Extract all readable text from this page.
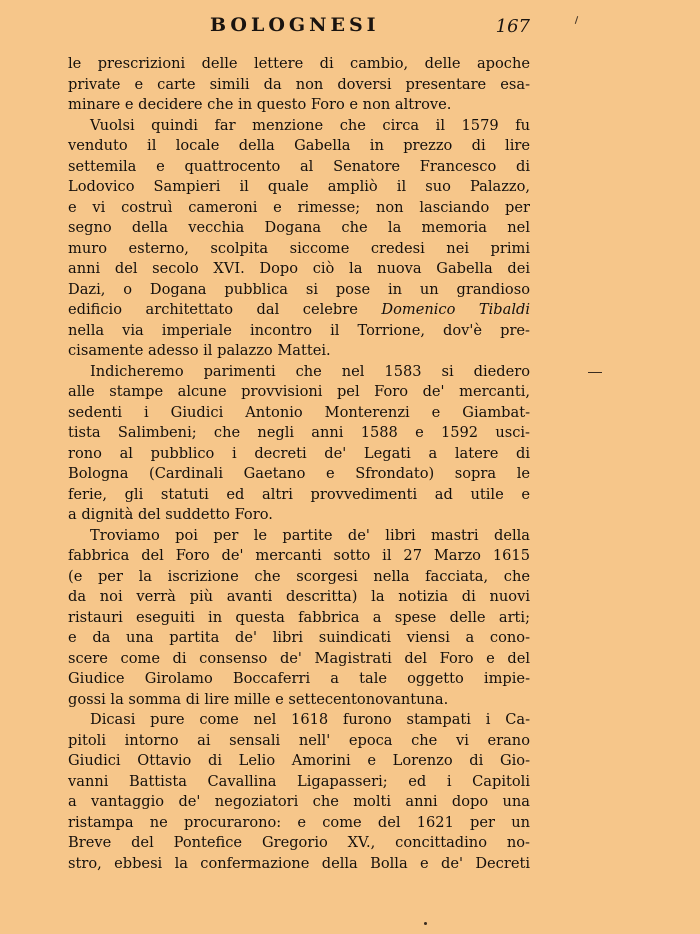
BOLOGNESI	167
le prescrizioni delle lettere di cambio, delle apoche
private e carte simili da non doversi presentare esa-
minare e decidere che in questo Foro e non altrove.
Vuolsi quindi far menzione che circa il 1579 fu
venduto il locale della Gabella in prezzo di lire
settemila e quattrocento al Senatore Francesco di
Lodovico Sampieri il quale ampliò il suo Palazzo,
e vi costruì cameroni e rimesse; non lasciando per
segno della vecchia Dogana che la memoria nel
muro esterno, scolpita siccome credesi nei primi
anni del secolo XVI. Dopo ciò la nuova Gabella dei
Dazi, o Dogana pubblica si pose in un grandioso
edificio architettato dal celebre Domenico Tibaldi
nella via imperiale incontro il Torrione, dov'è pre-
cisamente adesso il palazzo Mattei.
Indicheremo parimenti che nel 1583 si diedero
alle stampe alcune provvisioni pel Foro de' mercanti,
sedenti i Giudici Antonio Monterenzi e Giambat-
tista Salimbeni; che negli anni 1588 e 1592 usci-
rono al pubblico i decreti de' Legati a latere di
Bologna (Cardinali Gaetano e Sfrondato) sopra le
ferie, gli statuti ed altri provvedimenti ad utile e
a dignità del suddetto Foro.
Troviamo poi per le partite de' libri mastri della
fabbrica del Foro de' mercanti sotto il 27 Marzo 1615
(e per la iscrizione che scorgesi nella facciata, che
da noi verrà più avanti descritta) la notizia di nuovi
ristauri eseguiti in questa fabbrica a spese delle arti;
e da una partita de' libri suindicati viensi a cono-
scere come di consenso de' Magistrati del Foro e del
Giudice Girolamo Boccaferri a tale oggetto impie-
gossi la somma di lire mille e settecentonovantuna.
Dicasi pure come nel 1618 furono stampati i Ca-
pitoli intorno ai sensali nell' epoca che vi erano
Giudici Ottavio di Lelio Amorini e Lorenzo di Gio-
vanni Battista Cavallina Ligapasseri; ed i Capitoli
a vantaggio de' negoziatori che molti anni dopo una
ristampa ne procurarono: e come del 1621 per un
Breve del Pontefice Gregorio XV., concittadino no-
stro, ebbesi la confermazione della Bolla e de' Decreti
